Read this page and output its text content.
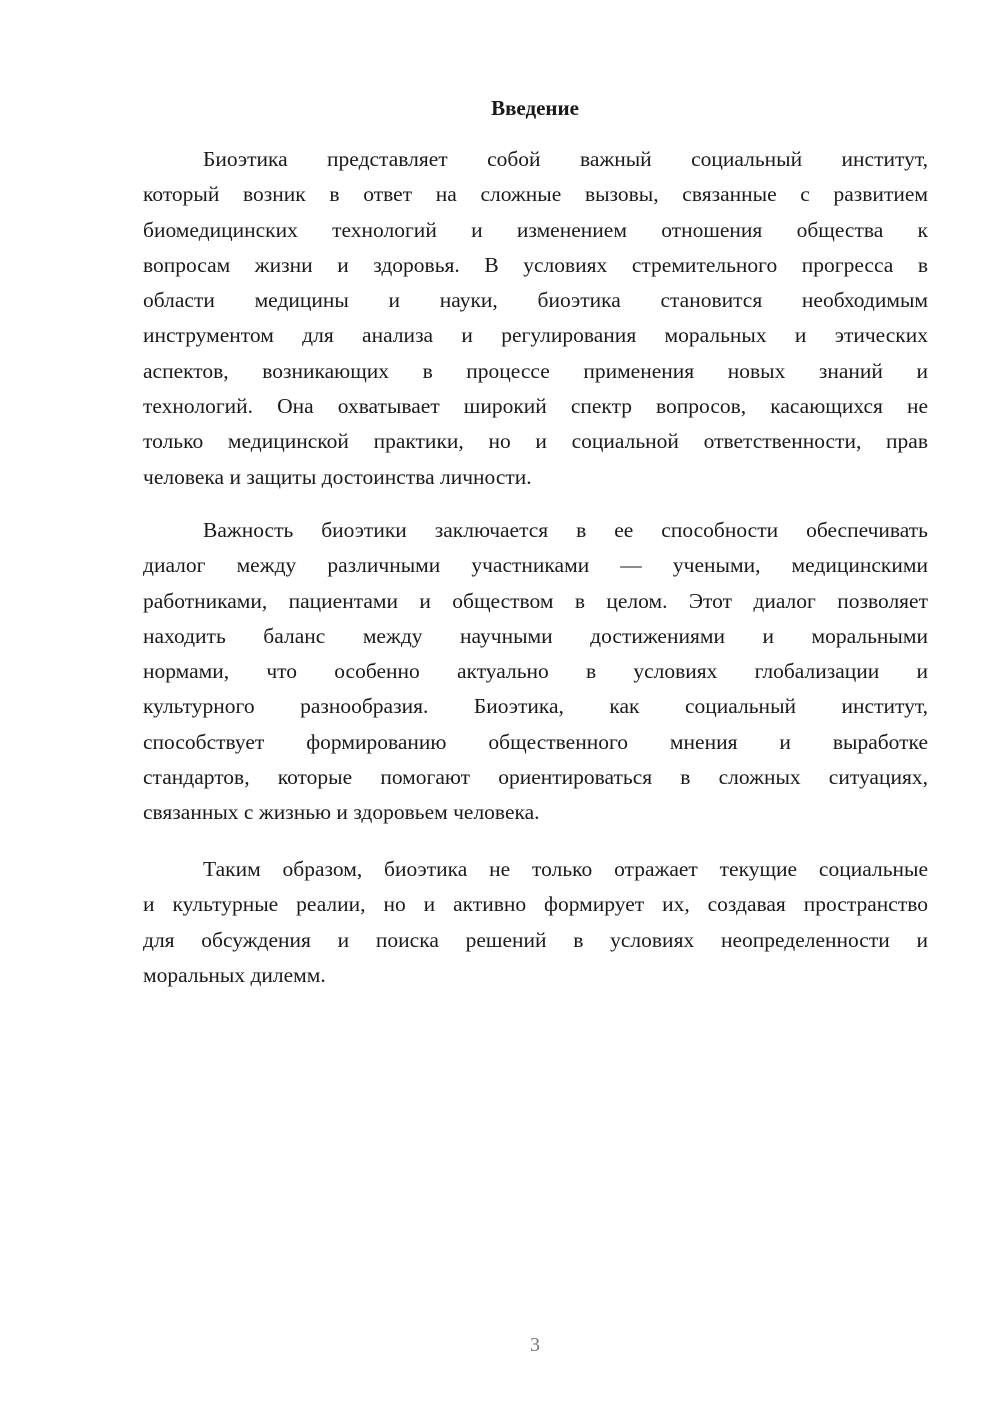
Введение
Биоэтика представляет собой важный социальный институт,
который возник в ответ на сложные вызовы, связанные с развитием
биомедицинских технологий и изменением отношения общества к
вопросам жизни и здоровья. В условиях стремительного прогресса в
области медицины и науки, биоэтика становится необходимым
инструментом для анализа и регулирования моральных и этических
аспектов, возникающих в процессе применения новых знаний и
технологий. Она охватывает широкий спектр вопросов, касающихся не
только медицинской практики, но и социальной ответственности, прав
человека и защиты достоинства личности.
Важность биоэтики заключается в ее способности обеспечивать
диалог между различными участниками — учеными, медицинскими
работниками, пациентами и обществом в целом. Этот диалог позволяет
находить баланс между научными достижениями и моральными
нормами, что особенно актуально в условиях глобализации и
культурного разнообразия. Биоэтика, как социальный институт,
способствует формированию общественного мнения и выработке
стандартов, которые помогают ориентироваться в сложных ситуациях,
связанных с жизнью и здоровьем человека.
Таким образом, биоэтика не только отражает текущие социальные
и культурные реалии, но и активно формирует их, создавая пространство
для обсуждения и поиска решений в условиях неопределенности и
моральных дилемм.
3
